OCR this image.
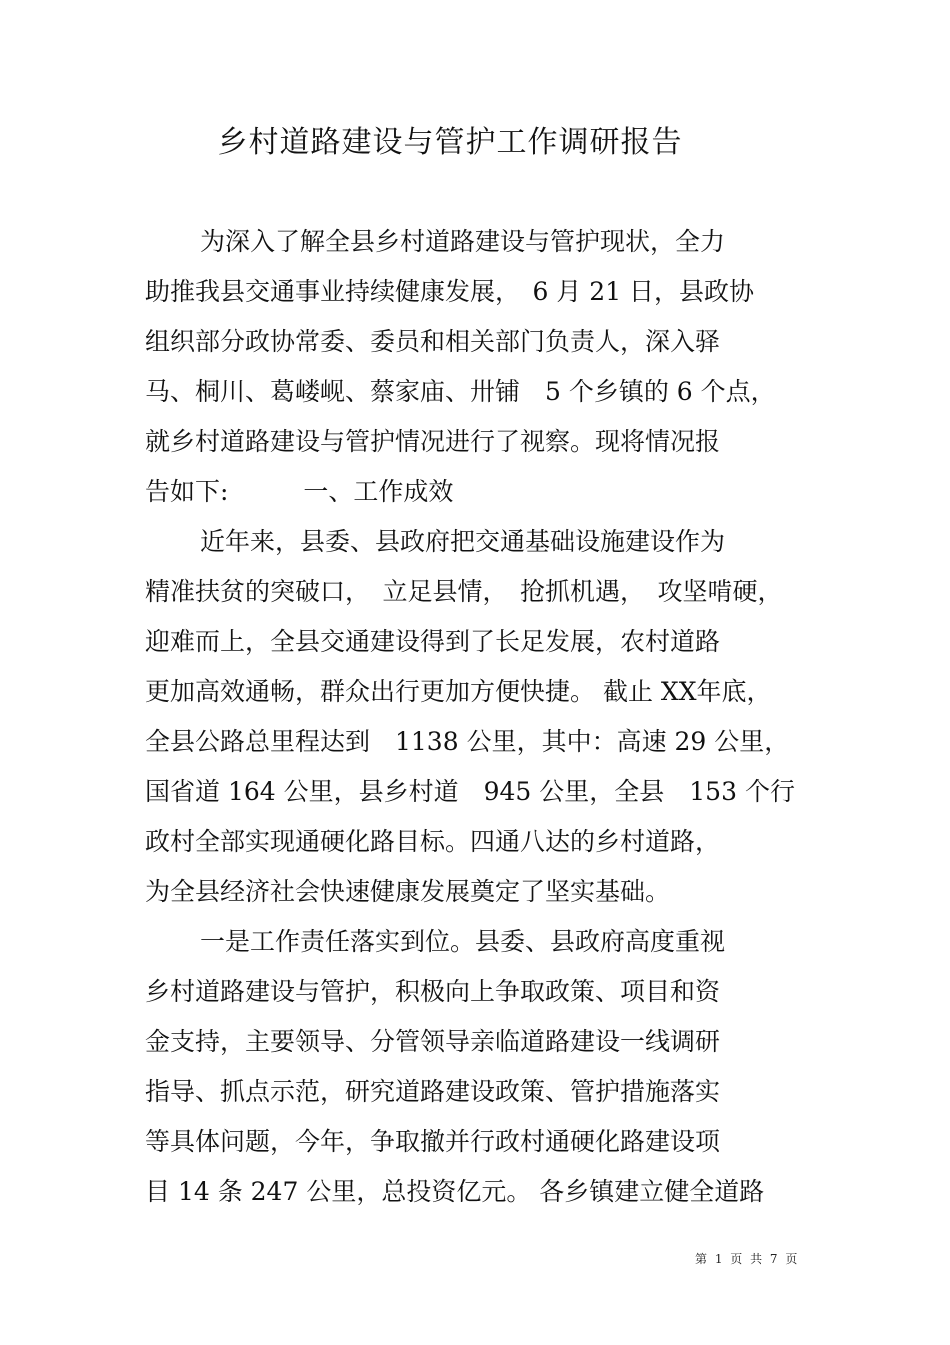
乡村道路建设与管护工作调研报告
为深入了解全县乡村道路建设与管护现状，全力
助推我县交通事业持续健康发展，　6 月 21 日，县政协
组织部分政协常委、委员和相关部门负责人，深入驿
马、桐川、葛嵝岘、蔡家庙、卅铺　5 个乡镇的 6 个点，
就乡村道路建设与管护情况进行了视察。现将情况报
告如下:　　　一、工作成效
近年来，县委、县政府把交通基础设施建设作为
精准扶贫的突破口，　立足县情，　抢抓机遇，　攻坚啃硬，
迎难而上，全县交通建设得到了长足发展，农村道路
更加高效通畅，群众出行更加方便快捷。 截止 XX年底，
全县公路总里程达到　1138 公里，其中：高速 29 公里，
国省道 164 公里，县乡村道　945 公里，全县　153 个行
政村全部实现通硬化路目标。四通八达的乡村道路，
为全县经济社会快速健康发展奠定了坚实基础。
一是工作责任落实到位。县委、县政府高度重视
乡村道路建设与管护，积极向上争取政策、项目和资
金支持，主要领导、分管领导亲临道路建设一线调研
指导、抓点示范，研究道路建设政策、管护措施落实
等具体问题，今年，争取撤并行政村通硬化路建设项
目 14 条 247 公里，总投资亿元。 各乡镇建立健全道路
第 1 页 共 7 页
